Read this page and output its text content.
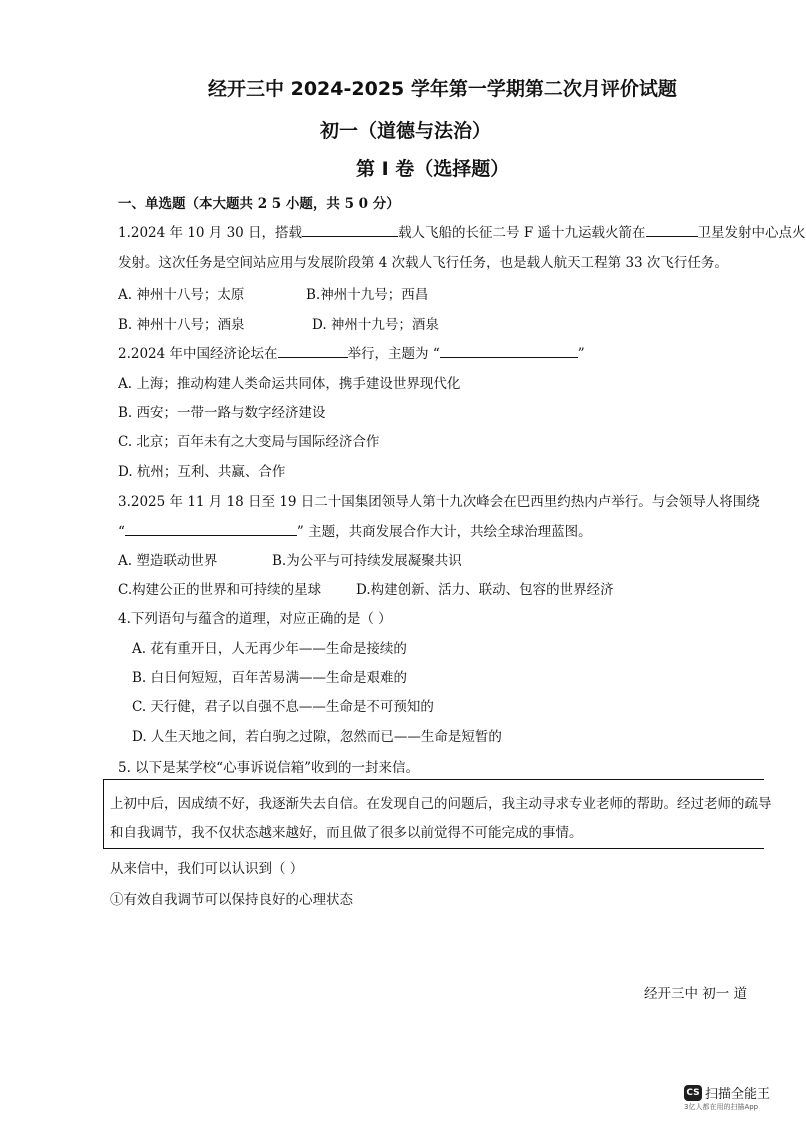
经开三中 2024-2025 学年第一学期第二次月评价试题
初一（道德与法治）
第 I 卷（选择题）
一、单选题（本大题共 2 5 小题，共 5 0 分）
1.2024 年 10 月 30 日，搭载	载人飞船的长征二号 F 遥十九运载火箭在	卫星发射中心点火
发射。这次任务是空间站应用与发展阶段第 4 次载人飞行任务，也是载人航天工程第 33 次飞行任务。
A. 神州十八号；太原	B.神州十九号；西昌
B. 神州十八号；酒泉	D. 神州十九号；酒泉
2.2024 年中国经济论坛在	举行，主题为 “	”
A. 上海；推动构建人类命运共同体，携手建设世界现代化
B. 西安；一带一路与数字经济建设
C. 北京；百年未有之大变局与国际经济合作
D. 杭州；互利、共赢、合作
3.2025 年 11 月 18 日至 19 日二十国集团领导人第十九次峰会在巴西里约热内卢举行。与会领导人将围绕
“	” 主题，共商发展合作大计，共绘全球治理蓝图。
A. 塑造联动世界	B.为公平与可持续发展凝聚共识
C.构建公正的世界和可持续的星球	D.构建创新、活力、联动、包容的世界经济
4.下列语句与蕴含的道理，对应正确的是（ ）
A. 花有重开日，人无再少年——生命是接续的
B. 白日何短短，百年苦易满——生命是艰难的
C. 天行健，君子以自强不息——生命是不可预知的
D. 人生天地之间，若白驹之过隙，忽然而已——生命是短暂的
5. 以下是某学校“心事诉说信箱”收到的一封来信。
上初中后，因成绩不好，我逐渐失去自信。在发现自己的问题后，我主动寻求专业老师的帮助。经过老师的疏导
和自我调节，我不仅状态越来越好，而且做了很多以前觉得不可能完成的事情。
从来信中，我们可以认识到（ ）
①有效自我调节可以保持良好的心理状态
经开三中 初一 道
CS 扫描全能王
3亿人都在用的扫描App
